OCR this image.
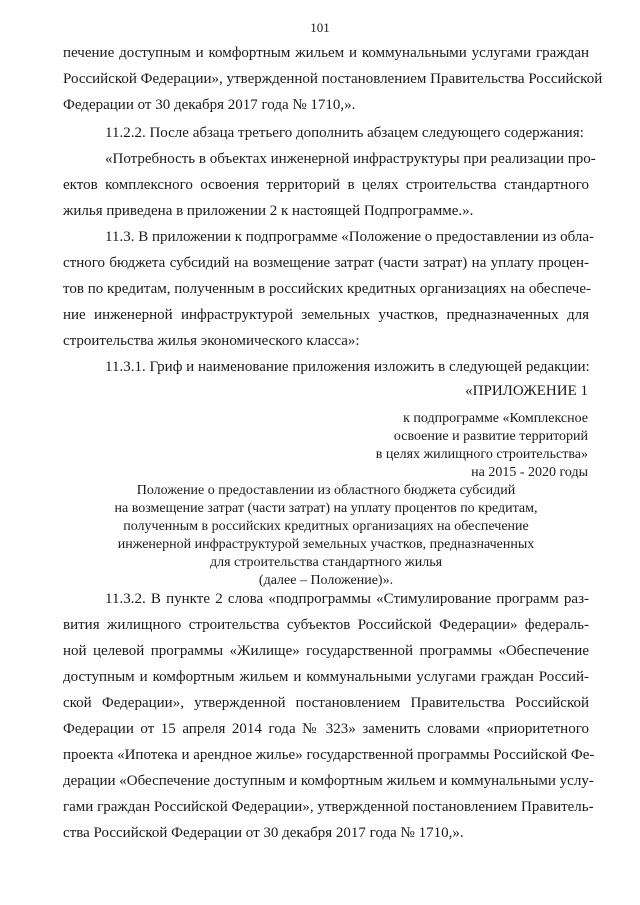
101
печение доступным и комфортным жильем и коммунальными услугами граждан
Российской Федерации», утвержденной постановлением Правительства Российской
Федерации от 30 декабря 2017 года № 1710,».
11.2.2. После абзаца третьего дополнить абзацем следующего содержания:
«Потребность в объектах инженерной инфраструктуры при реализации про-
ектов комплексного освоения территорий в целях строительства стандартного
жилья приведена в приложении 2 к настоящей Подпрограмме.».
11.3. В приложении к подпрограмме «Положение о предоставлении из обла-
стного бюджета субсидий на возмещение затрат (части затрат) на уплату процен-
тов по кредитам, полученным в российских кредитных организациях на обеспече-
ние инженерной инфраструктурой земельных участков, предназначенных для
строительства жилья экономического класса»:
11.3.1. Гриф и наименование приложения изложить в следующей редакции:
«ПРИЛОЖЕНИЕ 1
к подпрограмме «Комплексное
освоение и развитие территорий
в целях жилищного строительства»
на 2015 - 2020 годы
Положение о предоставлении из областного бюджета субсидий
на возмещение затрат (части затрат) на уплату процентов по кредитам,
полученным в российских кредитных организациях на обеспечение
инженерной инфраструктурой земельных участков, предназначенных
для строительства стандартного жилья
(далее – Положение)».
11.3.2. В пункте 2 слова «подпрограммы «Стимулирование программ раз-
вития жилищного строительства субъектов Российской Федерации» федераль-
ной целевой программы «Жилище» государственной программы «Обеспечение
доступным и комфортным жильем и коммунальными услугами граждан Россий-
ской Федерации», утвержденной постановлением Правительства Российской
Федерации от 15 апреля 2014 года № 323» заменить словами «приоритетного
проекта «Ипотека и арендное жилье» государственной программы Российской Фе-
дерации «Обеспечение доступным и комфортным жильем и коммунальными услу-
гами граждан Российской Федерации», утвержденной постановлением Правитель-
ства Российской Федерации от 30 декабря 2017 года № 1710,».
